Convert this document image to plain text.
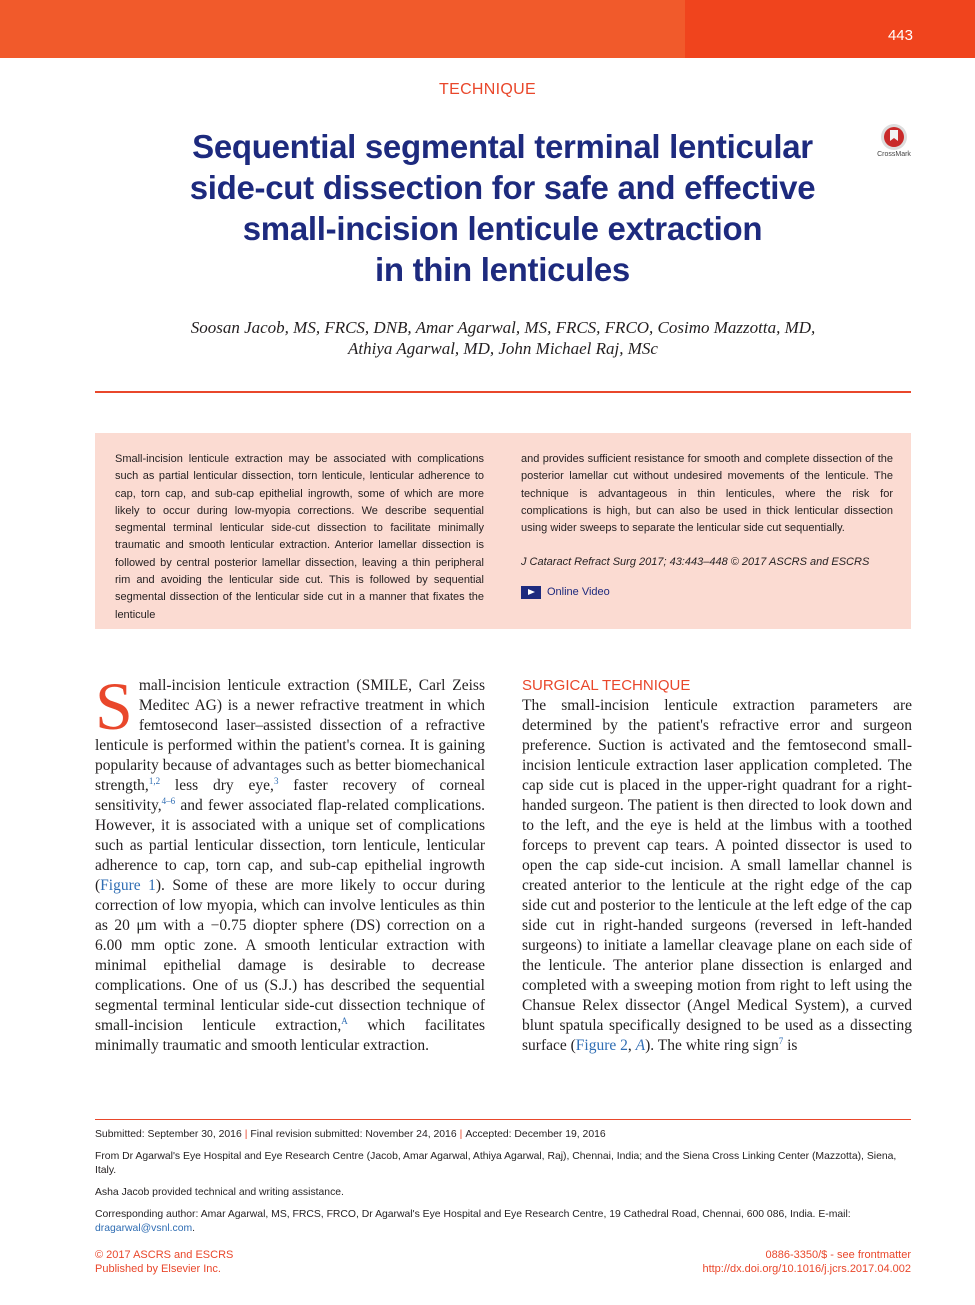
443
TECHNIQUE
Sequential segmental terminal lenticular
side-cut dissection for safe and effective
small-incision lenticule extraction
in thin lenticules
CrossMark
Soosan Jacob, MS, FRCS, DNB, Amar Agarwal, MS, FRCS, FRCO, Cosimo Mazzotta, MD,
Athiya Agarwal, MD, John Michael Raj, MSc

Small-incision lenticule extraction may be associated with complications such as partial lenticular dissection, torn lenticule, lenticular adherence to cap, torn cap, and sub-cap epithelial ingrowth, some of which are more likely to occur during low-myopia corrections. We describe sequential segmental terminal lenticular side-cut dissection to facilitate minimally traumatic and smooth lenticular extraction. Anterior lamellar dissection is followed by central posterior lamellar dissection, leaving a thin peripheral rim and avoiding the lenticular side cut. This is followed by sequential segmental dissection of the lenticular side cut in a manner that fixates the lenticule

and provides sufficient resistance for smooth and complete dissection of the posterior lamellar cut without undesired movements of the lenticule. The technique is advantageous in thin lenticules, where the risk for complications is high, but can also be used in thick lenticular dissection using wider sweeps to separate the lenticular side cut sequentially.

J Cataract Refract Surg 2017; 43:443–448 © 2017 ASCRS and ESCRS

Online Video

Small-incision lenticule extraction (SMILE, Carl Zeiss Meditec AG) is a newer refractive treatment in which femtosecond laser–assisted dissection of a refractive lenticule is performed within the patient's cornea. It is gaining popularity because of advantages such as better biomechanical strength,$^{1,2}$ less dry eye,$^3$ faster recovery of corneal sensitivity,$^{4-6}$ and fewer associated flap-related complications. However, it is associated with a unique set of complications such as partial lenticular dissection, torn lenticule, lenticular adherence to cap, torn cap, and sub-cap epithelial ingrowth (Figure 1). Some of these are more likely to occur during correction of low myopia, which can involve lenticules as thin as 20 μm with a −0.75 diopter sphere (DS) correction on a 6.00 mm optic zone. A smooth lenticular extraction with minimal epithelial damage is desirable to decrease complications. One of us (S.J.) has described the sequential segmental terminal lenticular side-cut dissection technique of small-incision lenticule extraction,$^A$ which facilitates minimally traumatic and smooth lenticular extraction.

SURGICAL TECHNIQUE

The small-incision lenticule extraction parameters are determined by the patient's refractive error and surgeon preference. Suction is activated and the femtosecond small-incision lenticule extraction laser application completed. The cap side cut is placed in the upper-right quadrant for a right-handed surgeon. The patient is then directed to look down and to the left, and the eye is held at the limbus with a toothed forceps to prevent cap tears. A pointed dissector is used to open the cap side-cut incision. A small lamellar channel is created anterior to the lenticule at the right edge of the cap side cut and posterior to the lenticule at the left edge of the cap side cut in right-handed surgeons (reversed in left-handed surgeons) to initiate a lamellar cleavage plane on each side of the lenticule. The anterior plane dissection is enlarged and completed with a sweeping motion from right to left using the Chansue Relex dissector (Angel Medical System), a curved blunt spatula specifically designed to be used as a dissecting surface (Figure 2, A). The white ring sign$^7$ is

Submitted: September 30, 2016 | Final revision submitted: November 24, 2016 | Accepted: December 19, 2016

From Dr Agarwal's Eye Hospital and Eye Research Centre (Jacob, Amar Agarwal, Athiya Agarwal, Raj), Chennai, India; and the Siena Cross Linking Center (Mazzotta), Siena, Italy.

Asha Jacob provided technical and writing assistance.

Corresponding author: Amar Agarwal, MS, FRCS, FRCO, Dr Agarwal's Eye Hospital and Eye Research Centre, 19 Cathedral Road, Chennai, 600 086, India. E-mail: dragarwal@vsnl.com.

© 2017 ASCRS and ESCRS
Published by Elsevier Inc.
0886-3350/$ - see frontmatter
http://dx.doi.org/10.1016/j.jcrs.2017.04.002
